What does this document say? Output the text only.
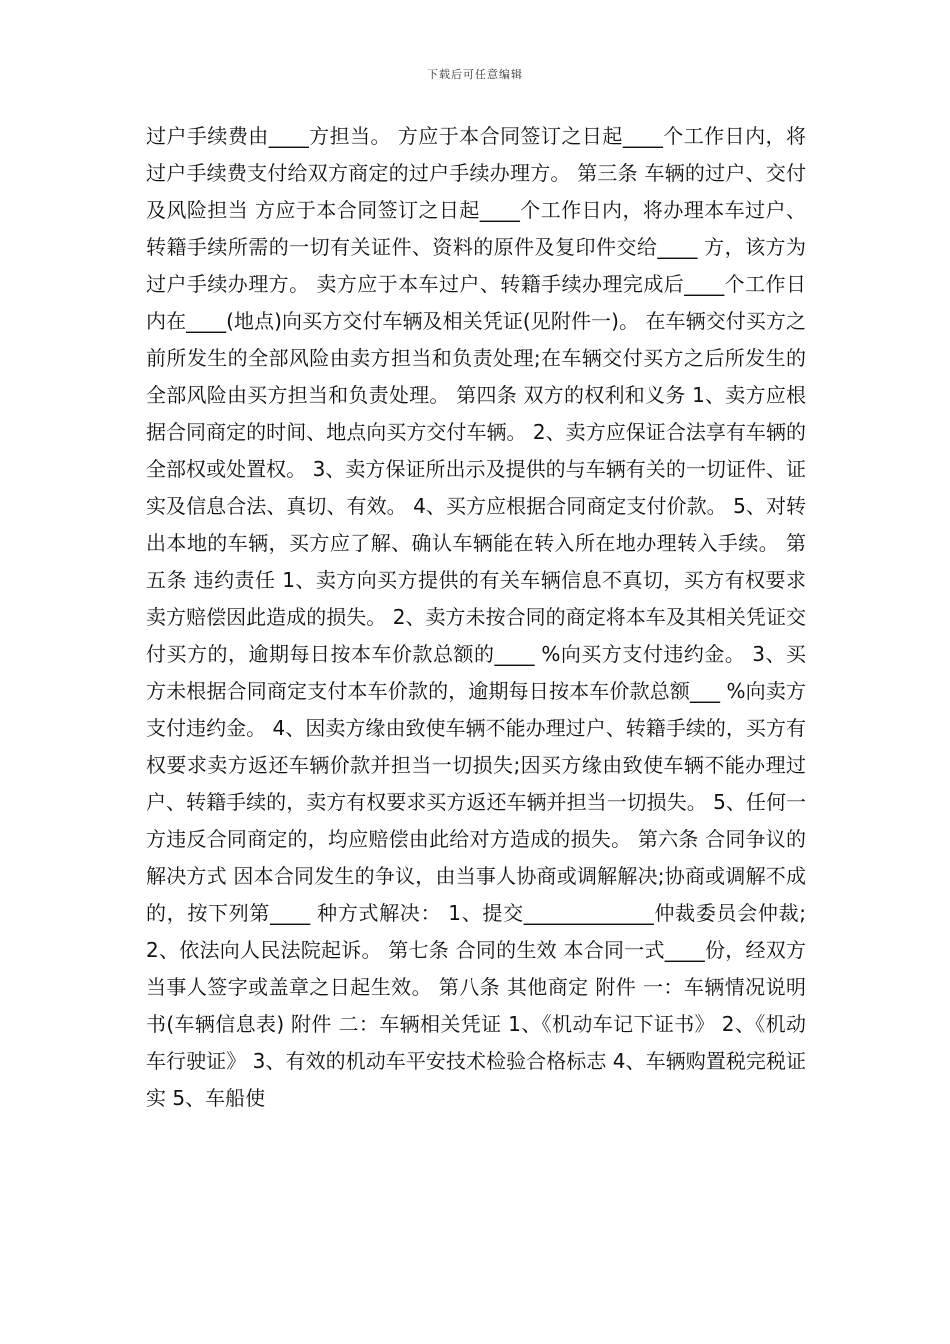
下载后可任意编辑

过户手续费由____方担当。 方应于本合同签订之日起____个工作日内，将过户手续费支付给双方商定的过户手续办理方。 第三条 车辆的过户、交付及风险担当 方应于本合同签订之日起____个工作日内，将办理本车过户、转籍手续所需的一切有关证件、资料的原件及复印件交给____ 方，该方为过户手续办理方。 卖方应于本车过户、转籍手续办理完成后____个工作日内在____(地点)向买方交付车辆及相关凭证(见附件一)。 在车辆交付买方之前所发生的全部风险由卖方担当和负责处理;在车辆交付买方之后所发生的全部风险由买方担当和负责处理。 第四条 双方的权利和义务 1、卖方应根据合同商定的时间、地点向买方交付车辆。 2、卖方应保证合法享有车辆的全部权或处置权。 3、卖方保证所出示及提供的与车辆有关的一切证件、证实及信息合法、真切、有效。 4、买方应根据合同商定支付价款。 5、对转出本地的车辆，买方应了解、确认车辆能在转入所在地办理转入手续。 第五条 违约责任 1、卖方向买方提供的有关车辆信息不真切，买方有权要求卖方赔偿因此造成的损失。 2、卖方未按合同的商定将本车及其相关凭证交付买方的，逾期每日按本车价款总额的____ %向买方支付违约金。 3、买方未根据合同商定支付本车价款的，逾期每日按本车价款总额___ %向卖方支付违约金。 4、因卖方缘由致使车辆不能办理过户、转籍手续的，买方有权要求卖方返还车辆价款并担当一切损失;因买方缘由致使车辆不能办理过户、转籍手续的，卖方有权要求买方返还车辆并担当一切损失。 5、任何一方违反合同商定的，均应赔偿由此给对方造成的损失。 第六条 合同争议的解决方式 因本合同发生的争议，由当事人协商或调解解决;协商或调解不成的，按下列第____ 种方式解决： 1、提交_____________仲裁委员会仲裁; 2、依法向人民法院起诉。 第七条 合同的生效 本合同一式____份，经双方当事人签字或盖章之日起生效。 第八条 其他商定 附件 一：车辆情况说明书(车辆信息表) 附件 二：车辆相关凭证 1、《机动车记下证书》 2、《机动车行驶证》 3、有效的机动车平安技术检验合格标志 4、车辆购置税完税证实 5、车船使
